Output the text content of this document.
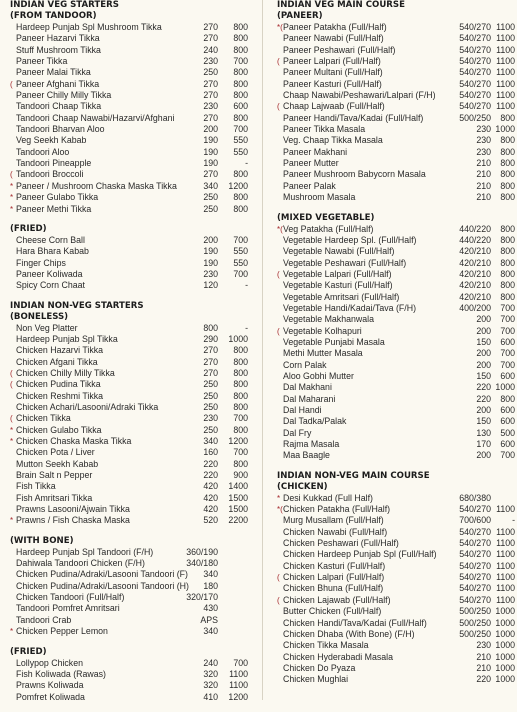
INDIAN VEG STARTERS
(FROM TANDOOR)
Hardeep Punjab Spl Mushroom Tikka	270	800
Paneer Hazarvi Tikka	270	800
Stuff Mushroom Tikka	240	800
Paneer Tikka	230	700
Paneer Malai Tikka	250	800
( Paneer Afghani Tikka	270	800
Paneer Chilly Milly Tikka	270	800
Tandoori Chaap Tikka	230	600
Tandoori Chaap Nawabi/Hazarvi/Afghani	270	800
Tandoori Bharvan Aloo	200	700
Veg Seekh Kabab	190	550
Tandoori Aloo	190	550
Tandoori Pineapple	190	-
( Tandoori Broccoli	270	800
* Paneer / Mushroom Chaska Maska Tikka	340	1200
* Paneer Gulabo Tikka	250	800
* Paneer Methi Tikka	250	800
(FRIED)
Cheese Corn Ball	200	700
Hara Bhara Kabab	190	550
Finger Chips	190	550
Paneer Koliwada	230	700
Spicy Corn Chaat	120	-
INDIAN NON-VEG STARTERS
(BONELESS)
Non Veg Platter	800	-
Hardeep Punjab Spl Tikka	290	1000
Chicken Hazarvi Tikka	270	800
Chicken Afgani Tikka	270	800
( Chicken Chilly Milly Tikka	270	800
( Chicken Pudina Tikka	250	800
Chicken Reshmi Tikka	250	800
Chicken Achari/Lasooni/Adraki Tikka	250	800
( Chicken Tikka	230	700
* Chicken Gulabo Tikka	250	800
* Chicken Chaska Maska Tikka	340	1200
Chicken Pota / Liver	160	700
Mutton Seekh Kabab	220	800
Brain Salt n Pepper	220	900
Fish Tikka	420	1400
Fish Amritsari Tikka	420	1500
Prawns Lasooni/Ajwain Tikka	420	1500
* Prawns / Fish Chaska Maska	520	2200
(WITH BONE)
Hardeep Punjab Spl Tandoori (F/H)	360/190
Dahiwala Tandoori Chicken (F/H)	340/180
Chicken Pudina/Adraki/Lasooni Tandoori (F)	340
Chicken Pudina/Adraki/Lasooni Tandoori (H)	180
Chicken Tandoori (Full/Half)	320/170
Tandoori Pomfret Amritsari	430
Tandoori Crab	APS
* Chicken Pepper Lemon	340
(FRIED)
Lollypop Chicken	240	700
Fish Koliwada (Rawas)	320	1100
Prawns Koliwada	320	1100
Pomfret Koliwada	410	1200
INDIAN VEG MAIN COURSE
(PANEER)
*( Paneer Patakha (Full/Half)	540/270 1100
Paneer Nawabi (Full/Half)	540/270 1100
Paneer Peshawari (Full/Half)	540/270 1100
( Paneer Lalpari (Full/Half)	540/270 1100
Paneer Multani (Full/Half)	540/270 1100
Paneer Kasturi (Full/Half)	540/270 1100
Chaap Nawabi/Peshawari/Lalpari (F/H)	540/270 1100
( Chaap Lajwaab (Full/Half)	540/270 1100
Paneer Handi/Tava/Kadai (Full/Half)	500/250	800
Paneer Tikka Masala	230 1000
Veg. Chaap Tikka Masala	230	800
Paneer Makhani	230	800
Paneer Mutter	210	800
Paneer Mushroom Babycorn Masala	210	800
Paneer Palak	210	800
Mushroom Masala	210	800
(MIXED VEGETABLE)
*( Veg Patakha (Full/Half)	440/220	800
Vegetable Hardeep Spl. (Full/Half)	440/220	800
Vegetable Nawabi (Full/Half)	420/210	800
Vegetable Peshawari (Full/Half)	420/210	800
( Vegetable Lalpari (Full/Half)	420/210	800
Vegetable Kasturi (Full/Half)	420/210	800
Vegetable Amritsari (Full/Half)	420/210	800
Vegetable Handi/Kadai/Tava (F/H)	400/200	700
Vegetable Makhanwala	200	700
( Vegetable Kolhapuri	200	700
Vegetable Punjabi Masala	150	600
Methi Mutter Masala	200	700
Corn Palak	200	700
Aloo Gobhi Mutter	150	600
Dal Makhani	220 1000
Dal Maharani	220	800
Dal Handi	200	600
Dal Tadka/Palak	150	600
Dal Fry	130	500
Rajma Masala	170	600
Maa Baagle	200	700
INDIAN NON-VEG MAIN COURSE
(CHICKEN)
* Desi Kukkad (Full Half)	680/380
*( Chicken Patakha (Full/Half)	540/270 1100
Murg Musallam (Full/Half)	700/600	-
Chicken Nawabi (Full/Half)	540/270 1100
Chicken Peshawari (Full/Half)	540/270 1100
Chicken Hardeep Punjab Spl (Full/Half)	540/270 1100
Chicken Kasturi (Full/Half)	540/270 1100
( Chicken Lalpari (Full/Half)	540/270 1100
Chicken Bhuna (Full/Half)	540/270 1100
( Chicken Lajawab (Full/Half)	540/270 1100
Butter Chicken (Full/Half)	500/250 1000
Chicken Handi/Tava/Kadai (Full/Half)	500/250 1000
Chicken Dhaba (With Bone) (F/H)	500/250 1000
Chicken Tikka Masala	230 1000
Chicken Hyderabadi Masala	210 1000
Chicken Do Pyaza	210 1000
Chicken Mughlai	220 1000
